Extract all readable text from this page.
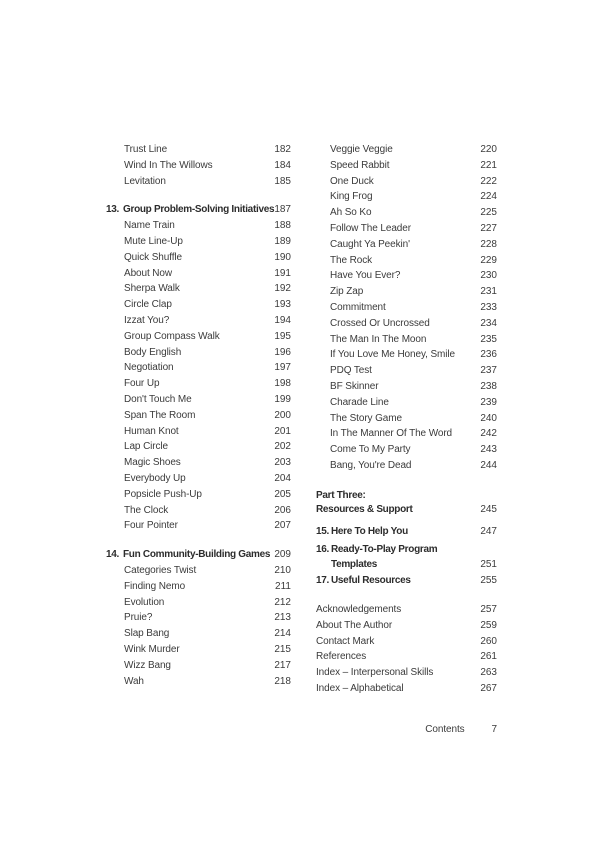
Trust Line	182
Wind In The Willows	184
Levitation	185
13. Group Problem-Solving Initiatives 187
Name Train	188
Mute Line-Up	189
Quick Shuffle	190
About Now	191
Sherpa Walk	192
Circle Clap	193
Izzat You?	194
Group Compass Walk	195
Body English	196
Negotiation	197
Four Up	198
Don't Touch Me	199
Span The Room	200
Human Knot	201
Lap Circle	202
Magic Shoes	203
Everybody Up	204
Popsicle Push-Up	205
The Clock	206
Four Pointer	207
14. Fun Community-Building Games 209
Categories Twist	210
Finding Nemo	211
Evolution	212
Pruie?	213
Slap Bang	214
Wink Murder	215
Wizz Bang	217
Wah	218
Veggie Veggie	220
Speed Rabbit	221
One Duck	222
King Frog	224
Ah So Ko	225
Follow The Leader	227
Caught Ya Peekin'	228
The Rock	229
Have You Ever?	230
Zip Zap	231
Commitment	233
Crossed Or Uncrossed	234
The Man In The Moon	235
If You Love Me Honey, Smile	236
PDQ Test	237
BF Skinner	238
Charade Line	239
The Story Game	240
In The Manner Of The Word	242
Come To My Party	243
Bang, You're Dead	244
Part Three:
Resources & Support	245
15. Here To Help You	247
16. Ready-To-Play Program
Templates	251
17. Useful Resources	255
Acknowledgements	257
About The Author	259
Contact Mark	260
References	261
Index – Interpersonal Skills	263
Index – Alphabetical	267
Contents	7
